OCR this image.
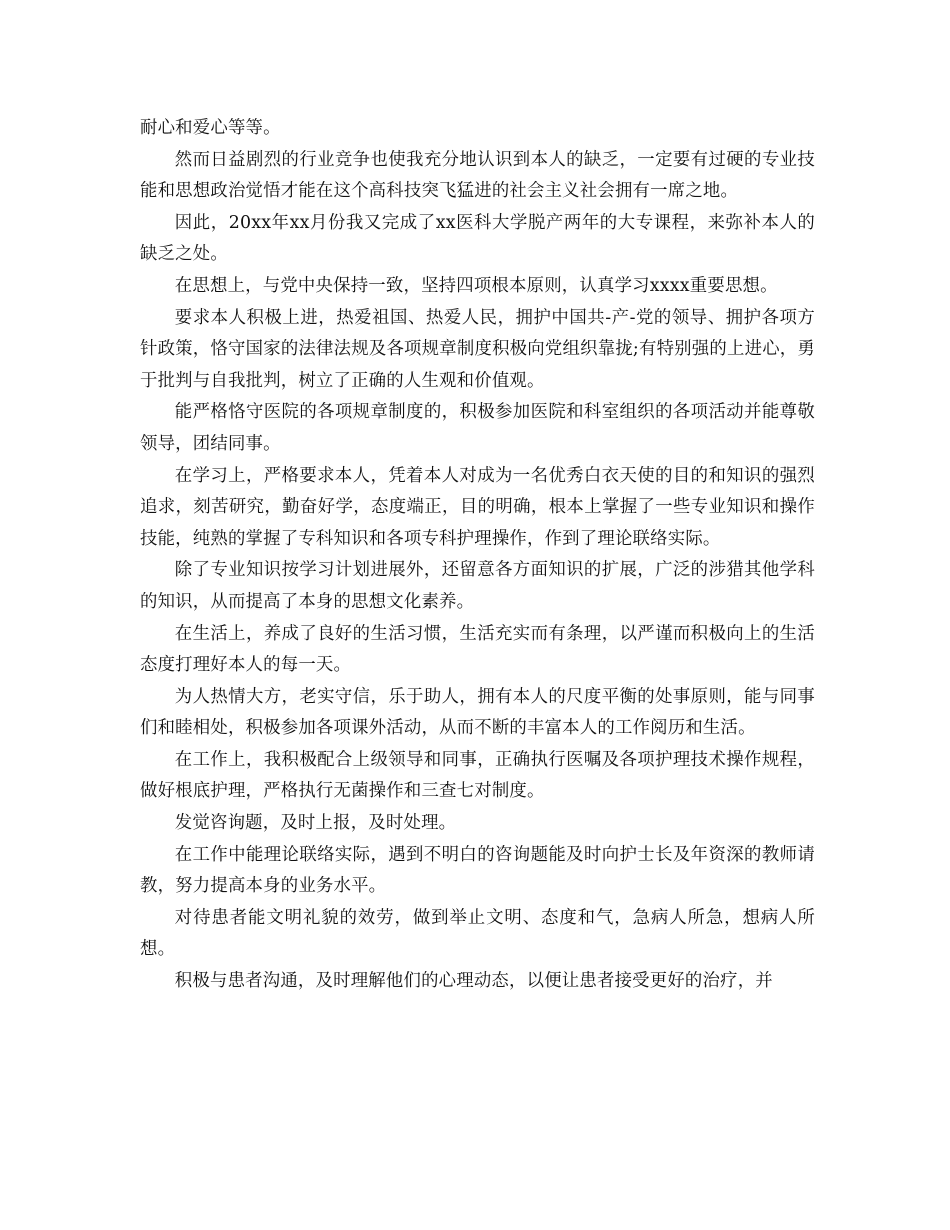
耐心和爱心等等。

然而日益剧烈的行业竞争也使我充分地认识到本人的缺乏，一定要有过硬的专业技能和思想政治觉悟才能在这个高科技突飞猛进的社会主义社会拥有一席之地。

因此，20xx年xx月份我又完成了xx医科大学脱产两年的大专课程，来弥补本人的缺乏之处。

在思想上，与党中央保持一致，坚持四项根本原则，认真学习xxxx重要思想。

要求本人积极上进，热爱祖国、热爱人民，拥护中国共-产-党的领导、拥护各项方针政策，恪守国家的法律法规及各项规章制度积极向党组织靠拢;有特别强的上进心，勇于批判与自我批判，树立了正确的人生观和价值观。

能严格恪守医院的各项规章制度的，积极参加医院和科室组织的各项活动并能尊敬领导，团结同事。

在学习上，严格要求本人，凭着本人对成为一名优秀白衣天使的目的和知识的强烈追求，刻苦研究，勤奋好学，态度端正，目的明确，根本上掌握了一些专业知识和操作技能，纯熟的掌握了专科知识和各项专科护理操作，作到了理论联络实际。

除了专业知识按学习计划进展外，还留意各方面知识的扩展，广泛的涉猎其他学科的知识，从而提高了本身的思想文化素养。

在生活上，养成了良好的生活习惯，生活充实而有条理，以严谨而积极向上的生活态度打理好本人的每一天。

为人热情大方，老实守信，乐于助人，拥有本人的尺度平衡的处事原则，能与同事们和睦相处，积极参加各项课外活动，从而不断的丰富本人的工作阅历和生活。

在工作上，我积极配合上级领导和同事，正确执行医嘱及各项护理技术操作规程，做好根底护理，严格执行无菌操作和三查七对制度。

发觉咨询题，及时上报，及时处理。

在工作中能理论联络实际，遇到不明白的咨询题能及时向护士长及年资深的教师请教，努力提高本身的业务水平。

对待患者能文明礼貌的效劳，做到举止文明、态度和气，急病人所急，想病人所想。

积极与患者沟通，及时理解他们的心理动态，以便让患者接受更好的治疗，并
